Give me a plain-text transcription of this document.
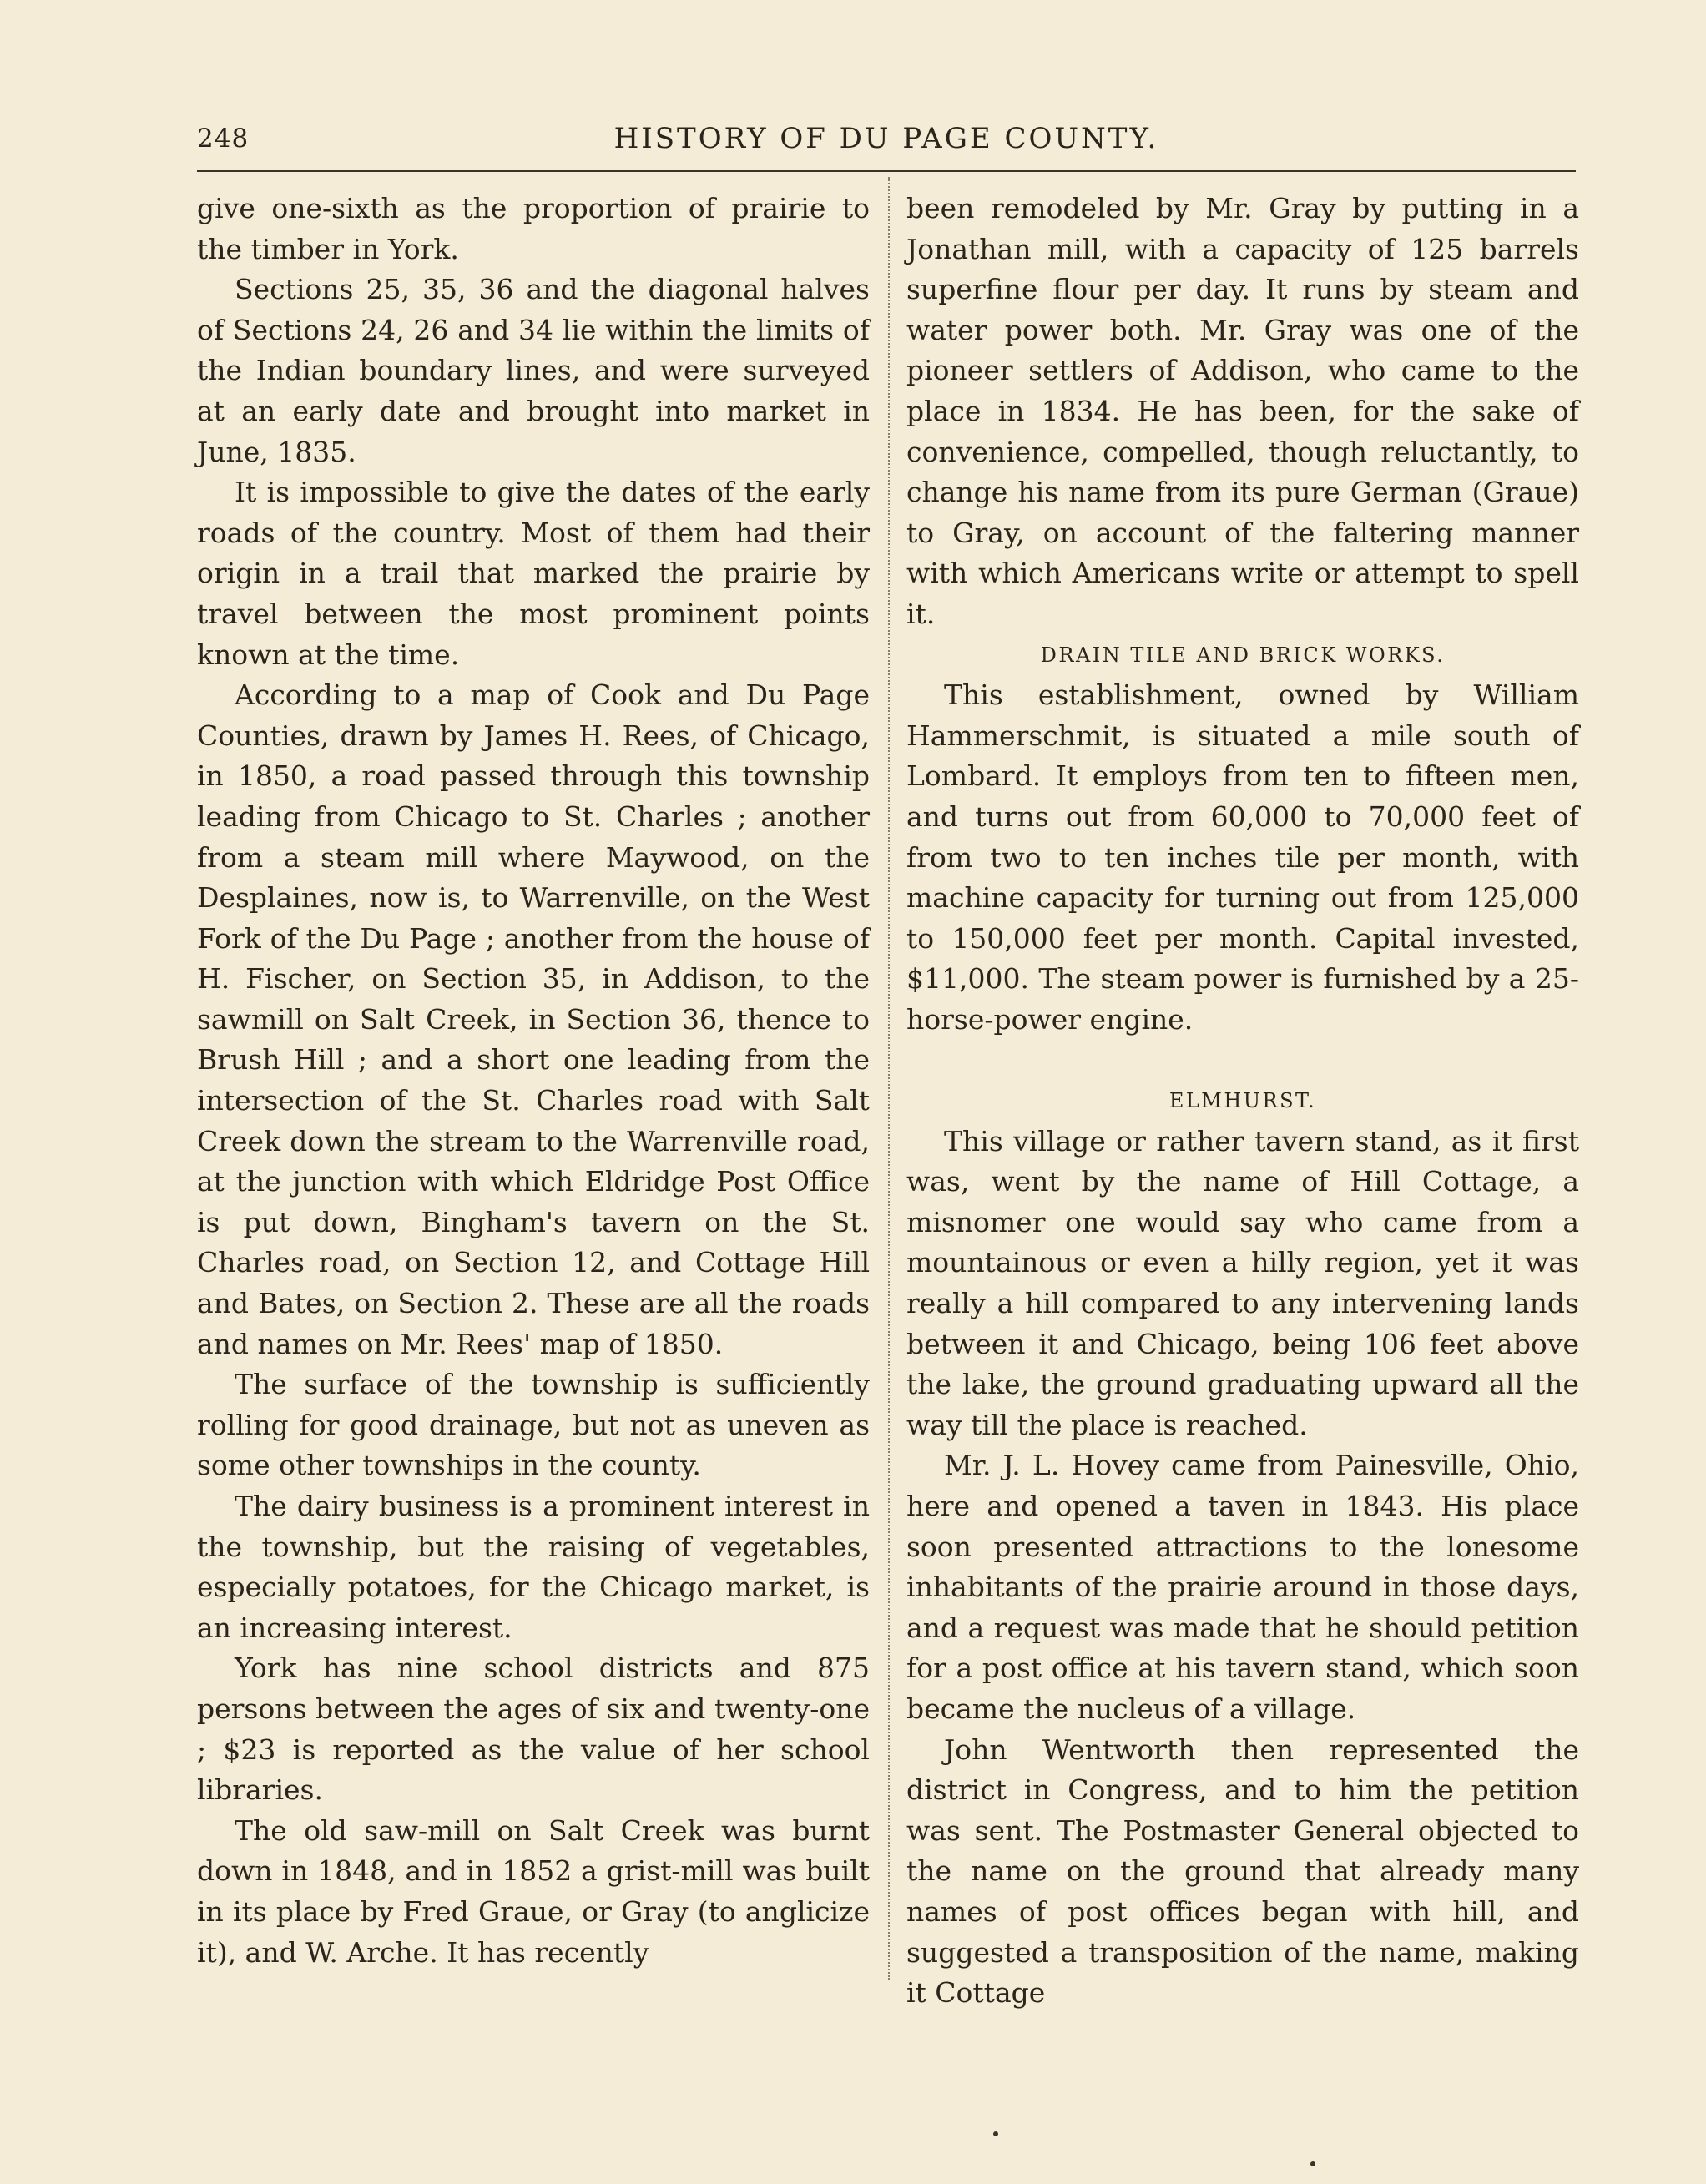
248	HISTORY OF DU PAGE COUNTY.

give one-sixth as the proportion of prairie to the timber in York.

Sections 25, 35, 36 and the diagonal halves of Sections 24, 26 and 34 lie within the limits of the Indian boundary lines, and were surveyed at an early date and brought into market in June, 1835.

It is impossible to give the dates of the early roads of the country. Most of them had their origin in a trail that marked the prairie by travel between the most prominent points known at the time.

According to a map of Cook and Du Page Counties, drawn by James H. Rees, of Chicago, in 1850, a road passed through this township leading from Chicago to St. Charles ; another from a steam mill where Maywood, on the Desplaines, now is, to Warrenville, on the West Fork of the Du Page ; another from the house of H. Fischer, on Section 35, in Addison, to the sawmill on Salt Creek, in Section 36, thence to Brush Hill ; and a short one leading from the intersection of the St. Charles road with Salt Creek down the stream to the Warrenville road, at the junction with which Eldridge Post Office is put down, Bingham's tavern on the St. Charles road, on Section 12, and Cottage Hill and Bates, on Section 2. These are all the roads and names on Mr. Rees' map of 1850.

The surface of the township is sufficiently rolling for good drainage, but not as uneven as some other townships in the county.

The dairy business is a prominent interest in the township, but the raising of vegetables, especially potatoes, for the Chicago market, is an increasing interest.

York has nine school districts and 875 persons between the ages of six and twenty-one ; $23 is reported as the value of her school libraries.

The old saw-mill on Salt Creek was burnt down in 1848, and in 1852 a grist-mill was built in its place by Fred Graue, or Gray (to anglicize it), and W. Arche. It has recently

been remodeled by Mr. Gray by putting in a Jonathan mill, with a capacity of 125 barrels superfine flour per day. It runs by steam and water power both. Mr. Gray was one of the pioneer settlers of Addison, who came to the place in 1834. He has been, for the sake of convenience, compelled, though reluctantly, to change his name from its pure German (Graue) to Gray, on account of the faltering manner with which Americans write or attempt to spell it.

DRAIN TILE AND BRICK WORKS.

This establishment, owned by William Hammerschmit, is situated a mile south of Lombard. It employs from ten to fifteen men, and turns out from 60,000 to 70,000 feet of from two to ten inches tile per month, with machine capacity for turning out from 125,000 to 150,000 feet per month. Capital invested, $11,000. The steam power is furnished by a 25-horse-power engine.

ELMHURST.

This village or rather tavern stand, as it first was, went by the name of Hill Cottage, a misnomer one would say who came from a mountainous or even a hilly region, yet it was really a hill compared to any intervening lands between it and Chicago, being 106 feet above the lake, the ground graduating upward all the way till the place is reached.

Mr. J. L. Hovey came from Painesville, Ohio, here and opened a taven in 1843. His place soon presented attractions to the lonesome inhabitants of the prairie around in those days, and a request was made that he should petition for a post office at his tavern stand, which soon became the nucleus of a village.

John Wentworth then represented the district in Congress, and to him the petition was sent. The Postmaster General objected to the name on the ground that already many names of post offices began with hill, and suggested a transposition of the name, making it Cottage
